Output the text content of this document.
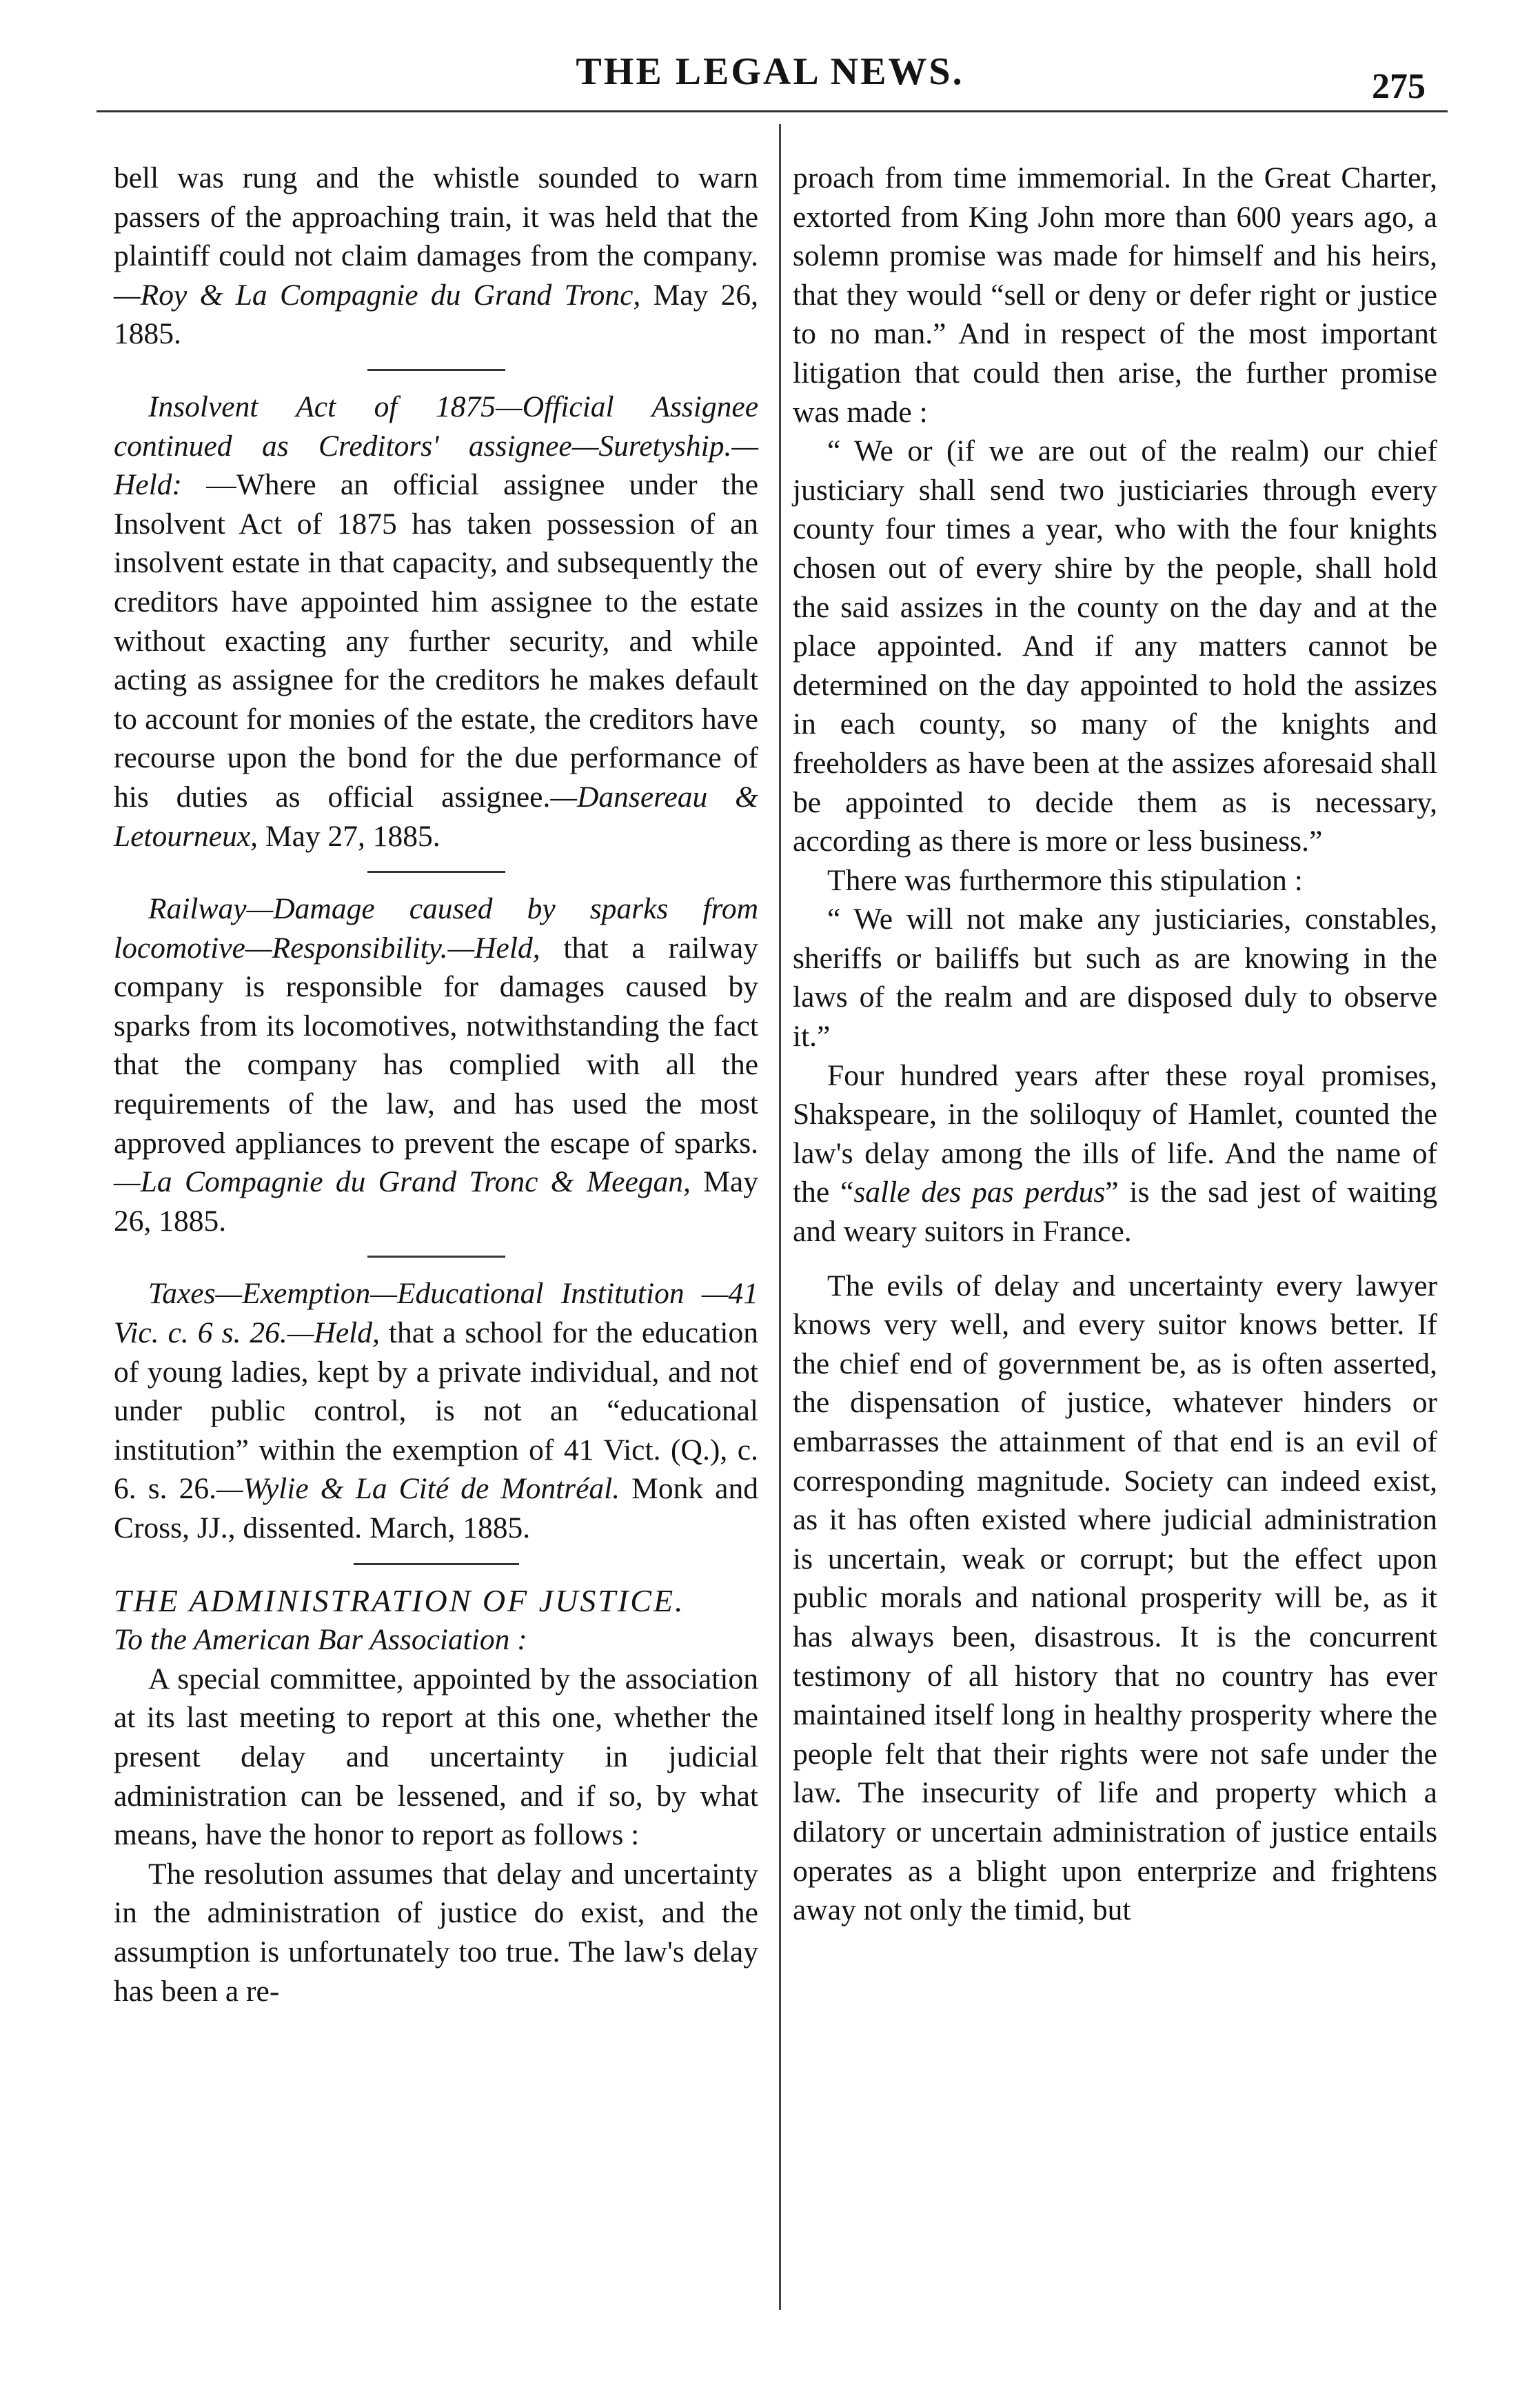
THE LEGAL NEWS.	275

bell was rung and the whistle sounded to warn passers of the approaching train, it was held that the plaintiff could not claim damages from the company.—Roy & La Compagnie du Grand Tronc, May 26, 1885.

Insolvent Act of 1875—Official Assignee continued as Creditors' assignee—Suretyship.—Held: —Where an official assignee under the Insolvent Act of 1875 has taken possession of an insolvent estate in that capacity, and subsequently the creditors have appointed him assignee to the estate without exacting any further security, and while acting as assignee for the creditors he makes default to account for monies of the estate, the creditors have recourse upon the bond for the due performance of his duties as official assignee.—Dansereau & Letourneux, May 27, 1885.

Railway—Damage caused by sparks from locomotive—Responsibility.—Held, that a railway company is responsible for damages caused by sparks from its locomotives, notwithstanding the fact that the company has complied with all the requirements of the law, and has used the most approved appliances to prevent the escape of sparks.—La Compagnie du Grand Tronc & Meegan, May 26, 1885.

Taxes—Exemption—Educational Institution —41 Vic. c. 6 s. 26.—Held, that a school for the education of young ladies, kept by a private individual, and not under public control, is not an “educational institution” within the exemption of 41 Vict. (Q.), c. 6. s. 26.—Wylie & La Cité de Montréal. Monk and Cross, JJ., dissented. March, 1885.

THE ADMINISTRATION OF JUSTICE.

To the American Bar Association :

A special committee, appointed by the association at its last meeting to report at this one, whether the present delay and uncertainty in judicial administration can be lessened, and if so, by what means, have the honor to report as follows :

The resolution assumes that delay and uncertainty in the administration of justice do exist, and the assumption is unfortunately too true. The law's delay has been a re-

proach from time immemorial. In the Great Charter, extorted from King John more than 600 years ago, a solemn promise was made for himself and his heirs, that they would “sell or deny or defer right or justice to no man.” And in respect of the most important litigation that could then arise, the further promise was made :

“ We or (if we are out of the realm) our chief justiciary shall send two justiciaries through every county four times a year, who with the four knights chosen out of every shire by the people, shall hold the said assizes in the county on the day and at the place appointed. And if any matters cannot be determined on the day appointed to hold the assizes in each county, so many of the knights and freeholders as have been at the assizes aforesaid shall be appointed to decide them as is necessary, according as there is more or less business.”

There was furthermore this stipulation :

“ We will not make any justiciaries, constables, sheriffs or bailiffs but such as are knowing in the laws of the realm and are disposed duly to observe it.”

Four hundred years after these royal promises, Shakspeare, in the soliloquy of Hamlet, counted the law's delay among the ills of life. And the name of the “salle des pas perdus” is the sad jest of waiting and weary suitors in France.

The evils of delay and uncertainty every lawyer knows very well, and every suitor knows better. If the chief end of government be, as is often asserted, the dispensation of justice, whatever hinders or embarrasses the attainment of that end is an evil of corresponding magnitude. Society can indeed exist, as it has often existed where judicial administration is uncertain, weak or corrupt; but the effect upon public morals and national prosperity will be, as it has always been, disastrous. It is the concurrent testimony of all history that no country has ever maintained itself long in healthy prosperity where the people felt that their rights were not safe under the law. The insecurity of life and property which a dilatory or uncertain administration of justice entails operates as a blight upon enterprize and frightens away not only the timid, but
